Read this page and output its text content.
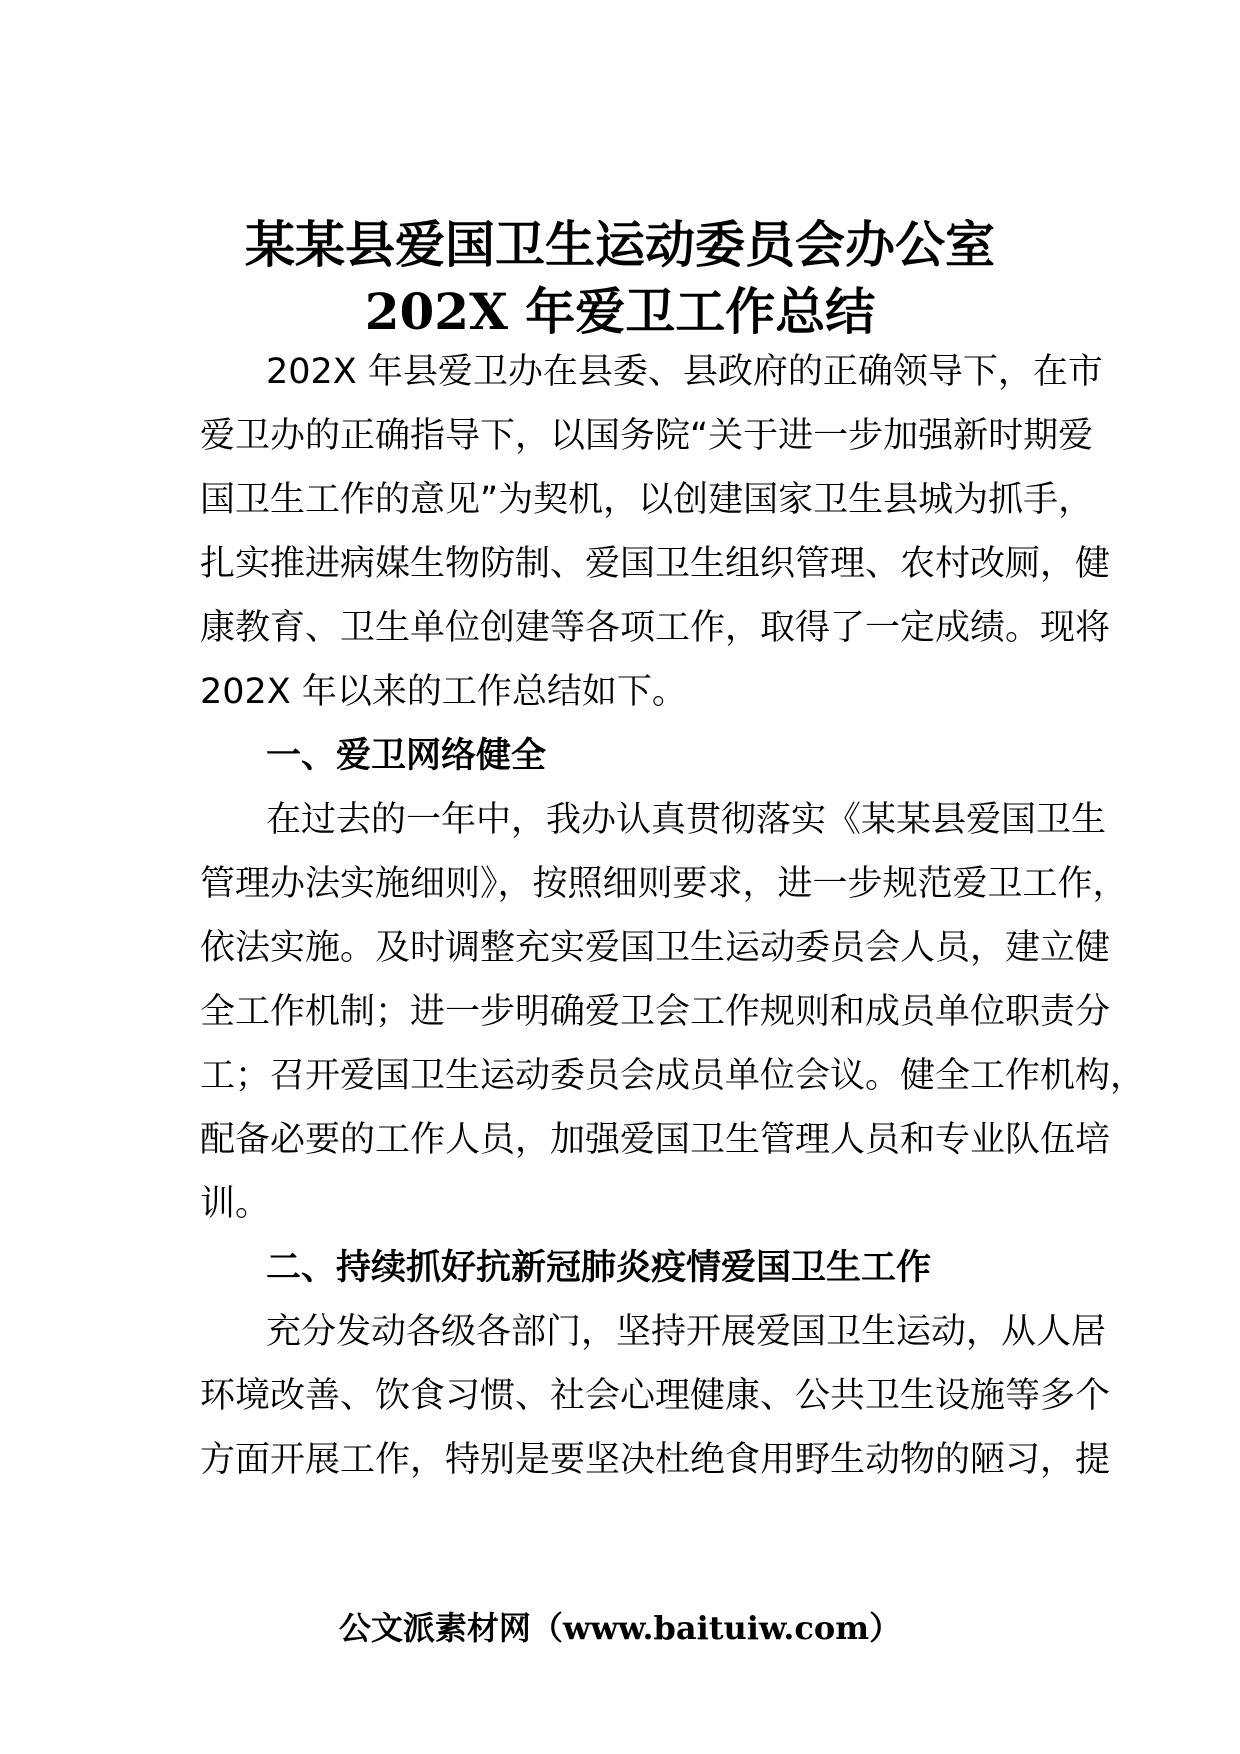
某某县爱国卫生运动委员会办公室
202X 年爱卫工作总结
202X 年县爱卫办在县委、县政府的正确领导下，在市
爱卫办的正确指导下，以国务院“关于进一步加强新时期爱
国卫生工作的意见”为契机，以创建国家卫生县城为抓手，
扎实推进病媒生物防制、爱国卫生组织管理、农村改厕，健
康教育、卫生单位创建等各项工作，取得了一定成绩。现将
202X 年以来的工作总结如下。
一、爱卫网络健全
在过去的一年中，我办认真贯彻落实《某某县爱国卫生
管理办法实施细则》，按照细则要求，进一步规范爱卫工作，
依法实施。及时调整充实爱国卫生运动委员会人员，建立健
全工作机制；进一步明确爱卫会工作规则和成员单位职责分
工；召开爱国卫生运动委员会成员单位会议。健全工作机构，
配备必要的工作人员，加强爱国卫生管理人员和专业队伍培
训。
二、持续抓好抗新冠肺炎疫情爱国卫生工作
充分发动各级各部门，坚持开展爱国卫生运动，从人居
环境改善、饮食习惯、社会心理健康、公共卫生设施等多个
方面开展工作，特别是要坚决杜绝食用野生动物的陋习，提
公文派素材网（www.baituiw.com）
